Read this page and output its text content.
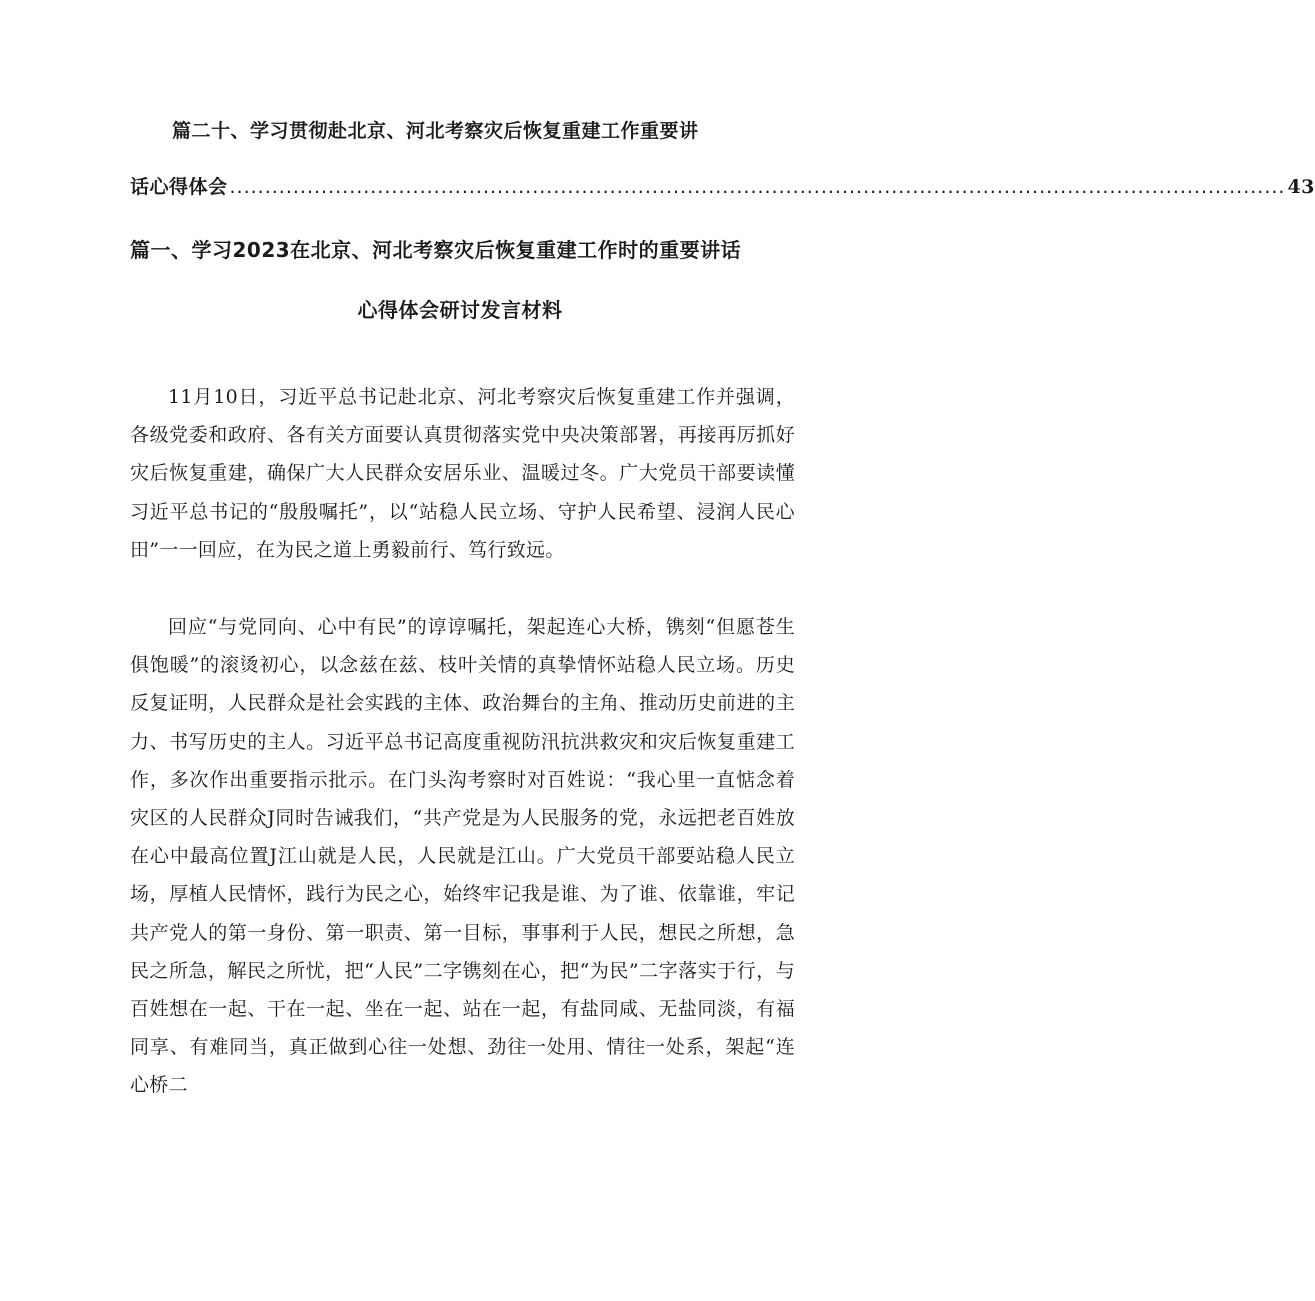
篇二十、学习贯彻赴北京、河北考察灾后恢复重建工作重要讲
话心得体会 ...................................................................................................................................................... 43
篇一、学习2023在北京、河北考察灾后恢复重建工作时的重要讲话
心得体会研讨发言材料

11月10日，习近平总书记赴北京、河北考察灾后恢复重建工作并强调，各级党委和政府、各有关方面要认真贯彻落实党中央决策部署，再接再厉抓好灾后恢复重建，确保广大人民群众安居乐业、温暖过冬。广大党员干部要读懂习近平总书记的“殷殷嘱托”，以“站稳人民立场、守护人民希望、浸润人民心田”一一回应，在为民之道上勇毅前行、笃行致远。

回应“与党同向、心中有民”的谆谆嘱托，架起连心大桥，镌刻“但愿苍生俱饱暖”的滚烫初心，以念兹在兹、枝叶关情的真挚情怀站稳人民立场。历史反复证明，人民群众是社会实践的主体、政治舞台的主角、推动历史前进的主力、书写历史的主人。习近平总书记高度重视防汛抗洪救灾和灾后恢复重建工作，多次作出重要指示批示。在门头沟考察时对百姓说：“我心里一直惦念着灾区的人民群众J同时告诫我们，“共产党是为人民服务的党，永远把老百姓放在心中最高位置J江山就是人民，人民就是江山。广大党员干部要站稳人民立场，厚植人民情怀，践行为民之心，始终牢记我是谁、为了谁、依靠谁，牢记共产党人的第一身份、第一职责、第一目标，事事利于人民，想民之所想，急民之所急，解民之所忧，把“人民”二字镌刻在心，把“为民”二字落实于行，与百姓想在一起、干在一起、坐在一起、站在一起，有盐同咸、无盐同淡，有福同享、有难同当，真正做到心往一处想、劲往一处用、情往一处系，架起“连心桥二
